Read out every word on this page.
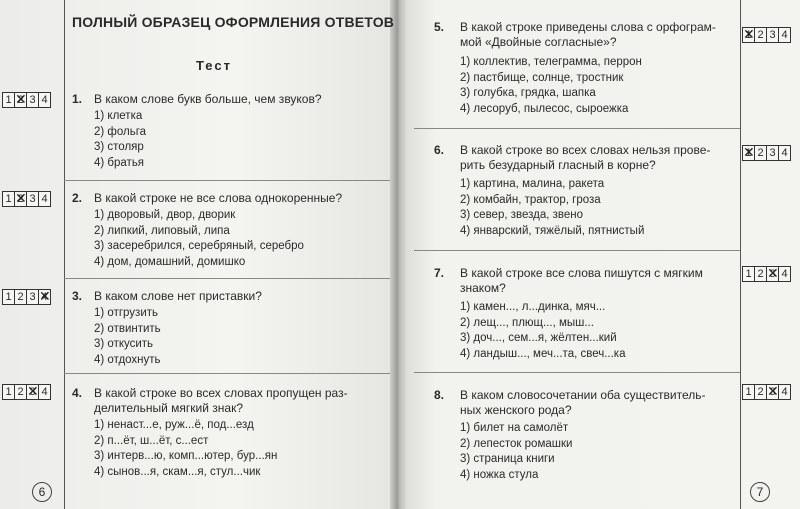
ПОЛНЫЙ ОБРАЗЕЦ ОФОРМЛЕНИЯ ОТВЕТОВ
Тест
1 2 ✕ 3 4 1. В каком слове букв больше, чем звуков?
1) клетка
2) фольга
3) столяр
4) братья
1 2 ✕ 3 4 2. В какой строке не все слова однокоренные?
1) дворовый, двор, дворик
2) липкий, липовый, липа
3) засеребрился, серебряный, серебро
4) дом, домашний, домишко
1 2 3 4 ✕ 3. В каком слове нет приставки?
1) отгрузить
2) отвинтить
3) откусить
4) отдохнуть
1 2 3 ✕ 4 4. В какой строке во всех словах пропущен раз-
делительный мягкий знак?
1) ненаст...е, руж...ё, под...езд
2) п...ёт, ш...ёт, с...ест
3) интерв...ю, комп...ютер, бур...ян
4) сынов...я, скам...я, стул...чик
6
5. В какой строке приведены слова с орфограм-
мой «Двойные согласные»?
1) коллектив, телеграмма, перрон
2) пастбище, солнце, тростник
3) голубка, грядка, шапка
4) лесоруб, пылесос, сыроежка
1 ✕ 2 3 4
6. В какой строке во всех словах нельзя прове-
рить безударный гласный в корне?
1) картина, малина, ракета
2) комбайн, трактор, гроза
3) север, звезда, звено
4) январский, тяжёлый, пятнистый
1 ✕ 2 3 4
7. В какой строке все слова пишутся с мягким
знаком?
1) камен..., л...динка, мяч...
2) лещ..., плющ..., мыш...
3) доч..., сем...я, жёлтен...кий
4) ландыш..., меч...та, свеч...ка
1 2 3 ✕ 4
8. В каком словосочетании оба существитель-
ных женского рода?
1) билет на самолёт
2) лепесток ромашки
3) страница книги
4) ножка стула
1 2 3 ✕ 4
7
